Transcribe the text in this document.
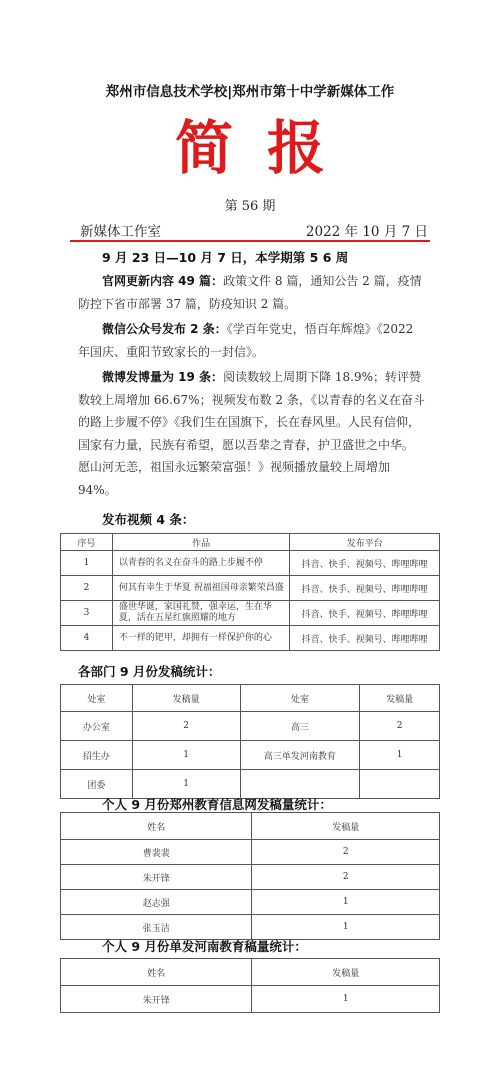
郑州市信息技术学校|郑州市第十中学新媒体工作
简报
第 56 期
新媒体工作室	2022 年 10 月 7 日
9 月 23 日—10 月 7 日，本学期第 5 6 周
官网更新内容 49 篇：政策文件 8 篇，通知公告 2 篇，疫情防控下省市部署 37 篇，防疫知识 2 篇。
微信公众号发布 2 条：《学百年党史，悟百年辉煌》《2022 年国庆、重阳节致家长的一封信》。
微博发博量为 19 条：阅读数较上周期下降 18.9%；转评赞数较上周增加 66.67%；视频发布数 2 条，《以青春的名义在奋斗的路上步履不停》《我们生在国旗下，长在春风里。人民有信仰，国家有力量，民族有希望，愿以吾辈之青春，护卫盛世之中华。愿山河无恙，祖国永远繁荣富强！》视频播放量较上周增加 94%。
发布视频 4 条：
序号	作品	发布平台
1	以青春的名义在奋斗的路上步履不停	抖音、快手、视频号、哔哩哔哩
2	何其有幸生于华夏 祝福祖国母亲繁荣昌盛	抖音、快手、视频号、哔哩哔哩
3	盛世华诞，家国礼赞，强幸运，生在华夏，活在五星红旗照耀的地方	抖音、快手、视频号、哔哩哔哩
4	不一样的钯甲，却拥有一样保护你的心	抖音、快手、视频号、哔哩哔哩
各部门 9 月份发稿统计：
处室	发稿量	处室	发稿量
办公室	2	高三	2
招生办	1	高三单发河南教育	1
团委	1		
个人 9 月份郑州教育信息网发稿量统计：
姓名	发稿量
曹裴裴	2
朱开锋	2
赵志强	1
张玉洁	1
个人 9 月份单发河南教育稿量统计：
姓名	发稿量
朱开锋	1
